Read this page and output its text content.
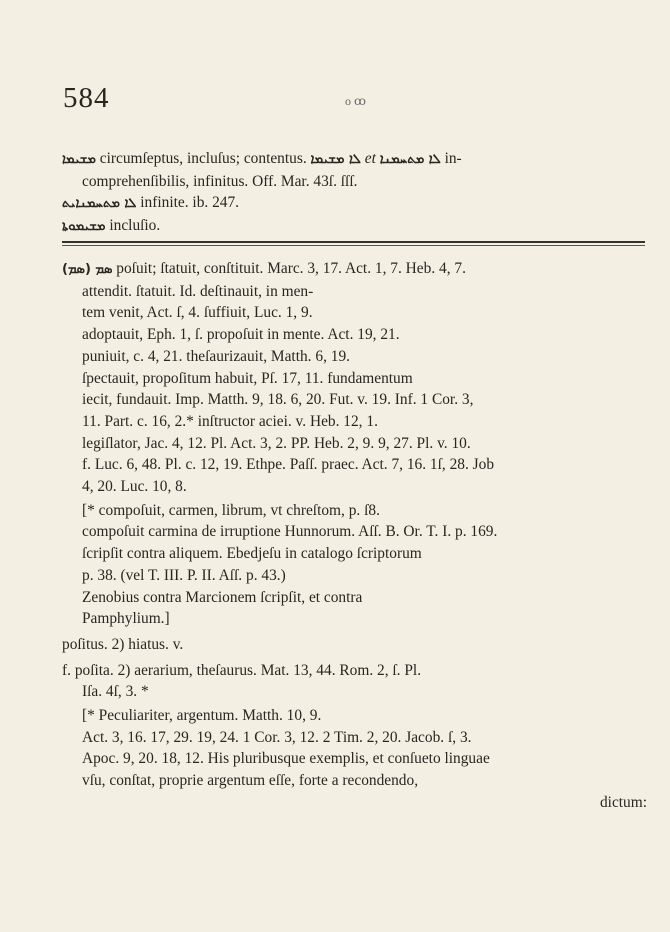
584	o ꝏ

ܡܫܝܡܐ circumſeptus, incluſus; contentus. ܠܐ ܡܫܝܡܐ et ܠܐ ܡܬܚܡܢܐ in-

comprehenſibilis, infinitus. Off. Mar. 43ſ. ſſſ.

ܠܐ ܡܬܚܡܢܐܝܬ infinite. ib. 247.

ܡܫܝܡܘܬܐ incluſio.

(ܣܡ) ܣܡ poſuit; ſtatuit, conſtituit. Marc. 3, 17. Act. 1, 7. Heb. 4, 7.

attendit. ſtatuit. Id. deſtinauit, in men-

tem venit, Act. ſ, 4. ſuffiuit, Luc. 1, 9.

adoptauit, Eph. 1, ſ. propoſuit in mente. Act. 19, 21.

puniuit, c. 4, 21. theſaurizauit, Matth. 6, 19.

ſpectauit, propoſitum habuit, Pſ. 17, 11. fundamentum

iecit, fundauit. Imp. Matth. 9, 18. 6, 20. Fut. v. 19. Inf. 1 Cor. 3,

11. Part. c. 16, 2.* inſtructor aciei. v. Heb. 12, 1.

legiſlator, Jac. 4, 12. Pl. Act. 3, 2. PP. Heb. 2, 9. 9, 27. Pl. v. 10.

f. Luc. 6, 48. Pl. c. 12, 19. Ethpe. Paſſ. praec. Act. 7, 16. 1ſ, 28. Job

4, 20. Luc. 10, 8.

[* compoſuit, carmen, librum, vt chreſtom, p. ſ8.

compoſuit carmina de irruptione Hunnorum. Aſſ. B. Or. T. I. p. 169.

ſcripſit contra aliquem. Ebedjeſu in catalogo ſcriptorum

p. 38. (vel T. III. P. II. Aſſ. p. 43.)

Zenobius contra Marcionem ſcripſit, et contra

Pamphylium.]

poſitus. 2) hiatus. v.

f. poſita. 2) aerarium, theſaurus. Mat. 13, 44. Rom. 2, ſ. Pl.

Iſa. 4ſ, 3. *

[* Peculiariter, argentum. Matth. 10, 9.

Act. 3, 16. 17, 29. 19, 24. 1 Cor. 3, 12. 2 Tim. 2, 20. Jacob. ſ, 3.

Apoc. 9, 20. 18, 12. His pluribusque exemplis, et conſueto linguae

vſu, conſtat, proprie argentum eſſe, forte a recondendo,

dictum:
